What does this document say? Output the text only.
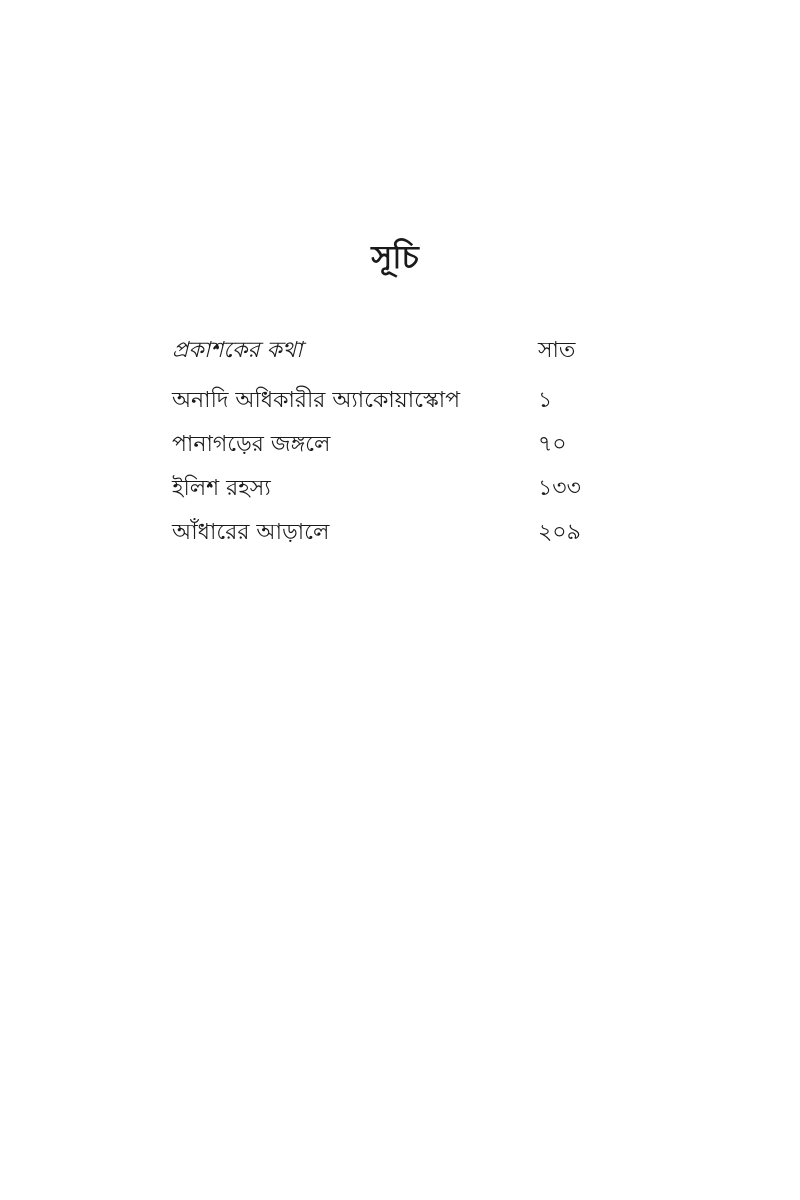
সূচি
প্রকাশকের কথা	সাত
অনাদি অধিকারীর অ্যাকোয়াস্কোপ	১
পানাগড়ের জঙ্গলে	৭০
ইলিশ রহস্য	১৩৩
আঁধারের আড়ালে	২০৯
